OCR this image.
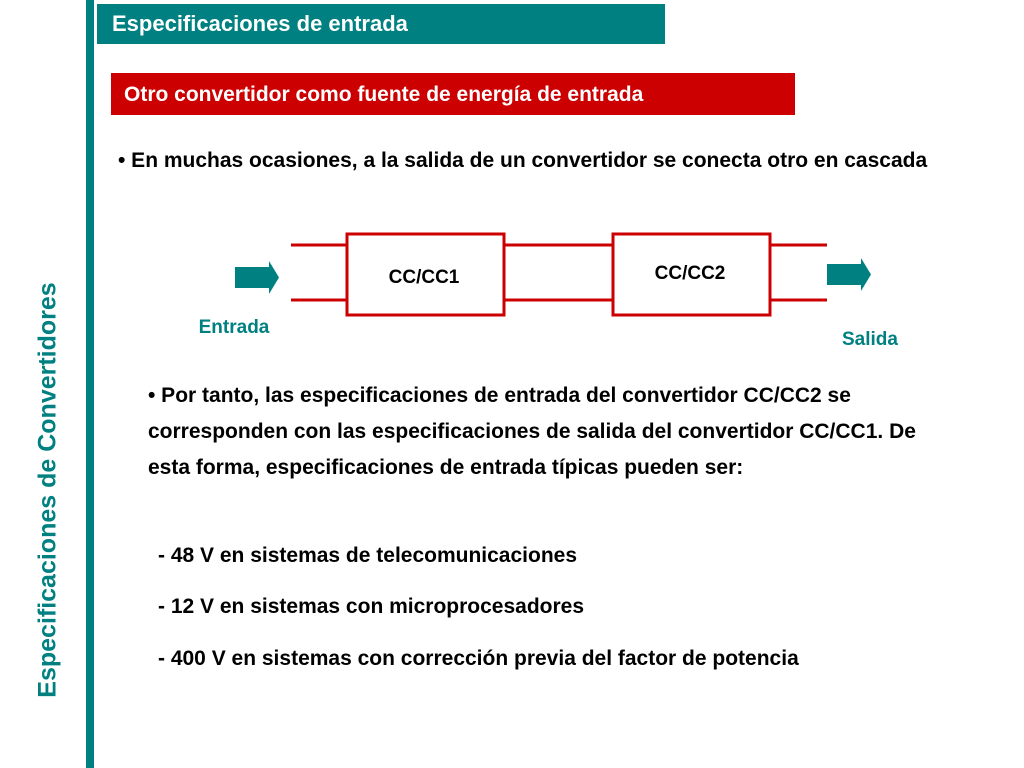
Especificaciones de Convertidores
Especificaciones de entrada
Otro convertidor como fuente de energía de entrada

• En muchas ocasiones, a la salida de un convertidor se conecta otro en cascada

CC/CC1	CC/CC2
Entrada
Salida

• Por tanto, las especificaciones de entrada del convertidor CC/CC2 se corresponden con las especificaciones de salida del convertidor CC/CC1. De esta forma, especificaciones de entrada típicas pueden ser:

- 48 V en sistemas de telecomunicaciones
- 12 V en sistemas con microprocesadores
- 400 V en sistemas con corrección previa del factor de potencia
